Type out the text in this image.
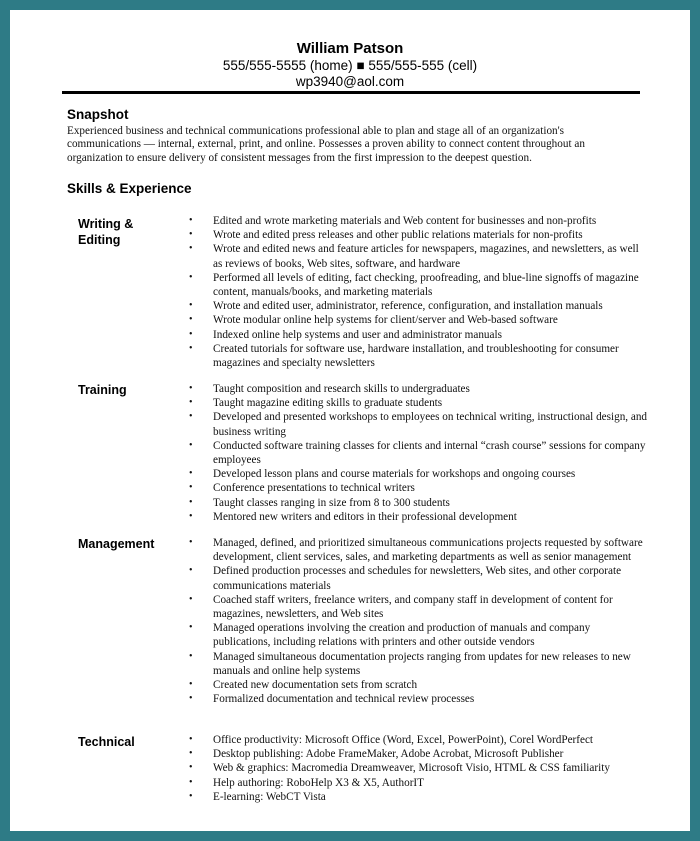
William Patson
555/555-5555 (home) ■ 555/555-555 (cell)
wp3940@aol.com
Snapshot
Experienced business and technical communications professional able to plan and stage all of an organization's communications — internal, external, print, and online. Possesses a proven ability to connect content throughout an organization to ensure delivery of consistent messages from the first impression to the deepest question.
Skills & Experience
Writing & Editing
• Edited and wrote marketing materials and Web content for businesses and non-profits
• Wrote and edited press releases and other public relations materials for non-profits
• Wrote and edited news and feature articles for newspapers, magazines, and newsletters, as well as reviews of books, Web sites, software, and hardware
• Performed all levels of editing, fact checking, proofreading, and blue-line signoffs of magazine content, manuals/books, and marketing materials
• Wrote and edited user, administrator, reference, configuration, and installation manuals
• Wrote modular online help systems for client/server and Web-based software
• Indexed online help systems and user and administrator manuals
• Created tutorials for software use, hardware installation, and troubleshooting for consumer magazines and specialty newsletters
Training	• Taught composition and research skills to undergraduates
• Taught magazine editing skills to graduate students
• Developed and presented workshops to employees on technical writing, instructional design, and business writing
• Conducted software training classes for clients and internal “crash course” sessions for company employees
• Developed lesson plans and course materials for workshops and ongoing courses
• Conference presentations to technical writers
• Taught classes ranging in size from 8 to 300 students
• Mentored new writers and editors in their professional development
Management	• Managed, defined, and prioritized simultaneous communications projects requested by software development, client services, sales, and marketing departments as well as senior management
• Defined production processes and schedules for newsletters, Web sites, and other corporate communications materials
• Coached staff writers, freelance writers, and company staff in development of content for magazines, newsletters, and Web sites
• Managed operations involving the creation and production of manuals and company publications, including relations with printers and other outside vendors
• Managed simultaneous documentation projects ranging from updates for new releases to new manuals and online help systems
• Created new documentation sets from scratch
• Formalized documentation and technical review processes
Technical	• Office productivity: Microsoft Office (Word, Excel, PowerPoint), Corel WordPerfect
• Desktop publishing: Adobe FrameMaker, Adobe Acrobat, Microsoft Publisher
• Web & graphics: Macromedia Dreamweaver, Microsoft Visio, HTML & CSS familiarity
• Help authoring: RoboHelp X3 & X5, AuthorIT
• E-learning: WebCT Vista
